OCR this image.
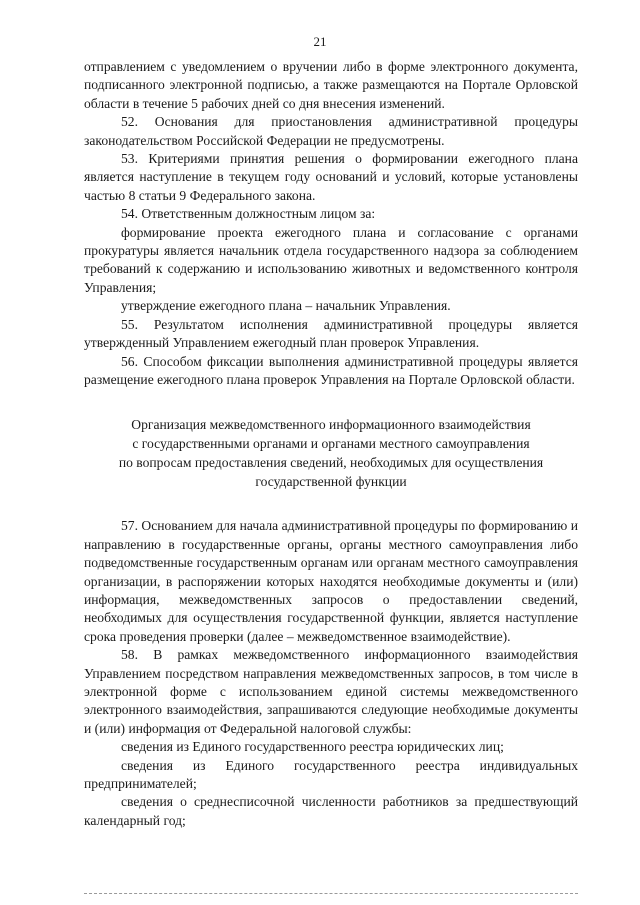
21

отправлением с уведомлением о вручении либо в форме электронного документа, подписанного электронной подписью, а также размещаются на Портале Орловской области в течение 5 рабочих дней со дня внесения изменений.

52. Основания для приостановления административной процедуры законодательством Российской Федерации не предусмотрены.

53. Критериями принятия решения о формировании ежегодного плана является наступление в текущем году оснований и условий, которые установлены частью 8 статьи 9 Федерального закона.

54. Ответственным должностным лицом за:

формирование проекта ежегодного плана и согласование с органами прокуратуры является начальник отдела государственного надзора за соблюдением требований к содержанию и использованию животных и ведомственного контроля Управления;

утверждение ежегодного плана – начальник Управления.

55. Результатом исполнения административной процедуры является утвержденный Управлением ежегодный план проверок Управления.

56. Способом фиксации выполнения административной процедуры является размещение ежегодного плана проверок Управления на Портале Орловской области.

Организация межведомственного информационного взаимодействия
с государственными органами и органами местного самоуправления
по вопросам предоставления сведений, необходимых для осуществления
государственной функции

57. Основанием для начала административной процедуры по формированию и направлению в государственные органы, органы местного самоуправления либо подведомственные государственным органам или органам местного самоуправления организации, в распоряжении которых находятся необходимые документы и (или) информация, межведомственных запросов о предоставлении сведений, необходимых для осуществления государственной функции, является наступление срока проведения проверки (далее – межведомственное взаимодействие).

58. В рамках межведомственного информационного взаимодействия Управлением посредством направления межведомственных запросов, в том числе в электронной форме с использованием единой системы межведомственного электронного взаимодействия, запрашиваются следующие необходимые документы и (или) информация от Федеральной налоговой службы:

сведения из Единого государственного реестра юридических лиц;

сведения из Единого государственного реестра индивидуальных предпринимателей;

сведения о среднесписочной численности работников за предшествующий календарный год;
